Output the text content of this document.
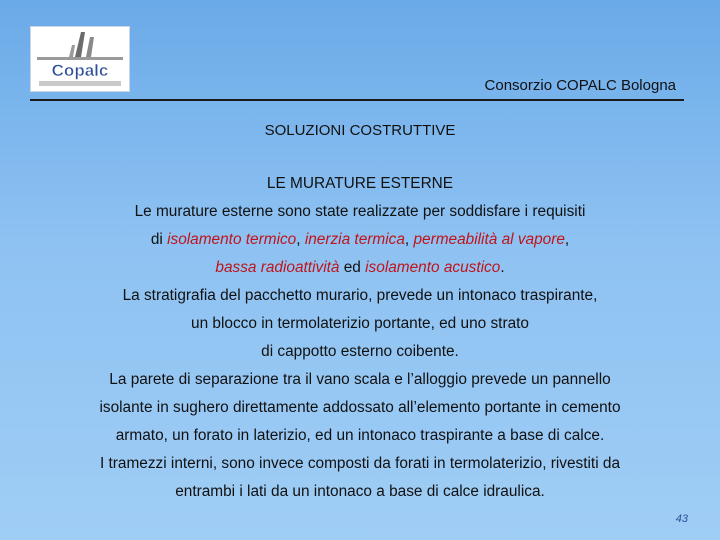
Copalc
Consorzio COPALC Bologna
SOLUZIONI COSTRUTTIVE
LE MURATURE ESTERNE
Le murature esterne sono state realizzate per soddisfare i requisiti
di isolamento termico, inerzia termica, permeabilità al vapore,
bassa radioattività ed isolamento acustico.
La stratigrafia del pacchetto murario, prevede un intonaco traspirante,
un blocco in termolaterizio portante, ed uno strato
di cappotto esterno coibente.
La parete di separazione tra il vano scala e l’alloggio prevede un pannello
isolante in sughero direttamente addossato all’elemento portante in cemento
armato, un forato in laterizio, ed un intonaco traspirante a base di calce.
I tramezzi interni, sono invece composti da forati in termolaterizio, rivestiti da
entrambi i lati da un intonaco a base di calce idraulica.
43
